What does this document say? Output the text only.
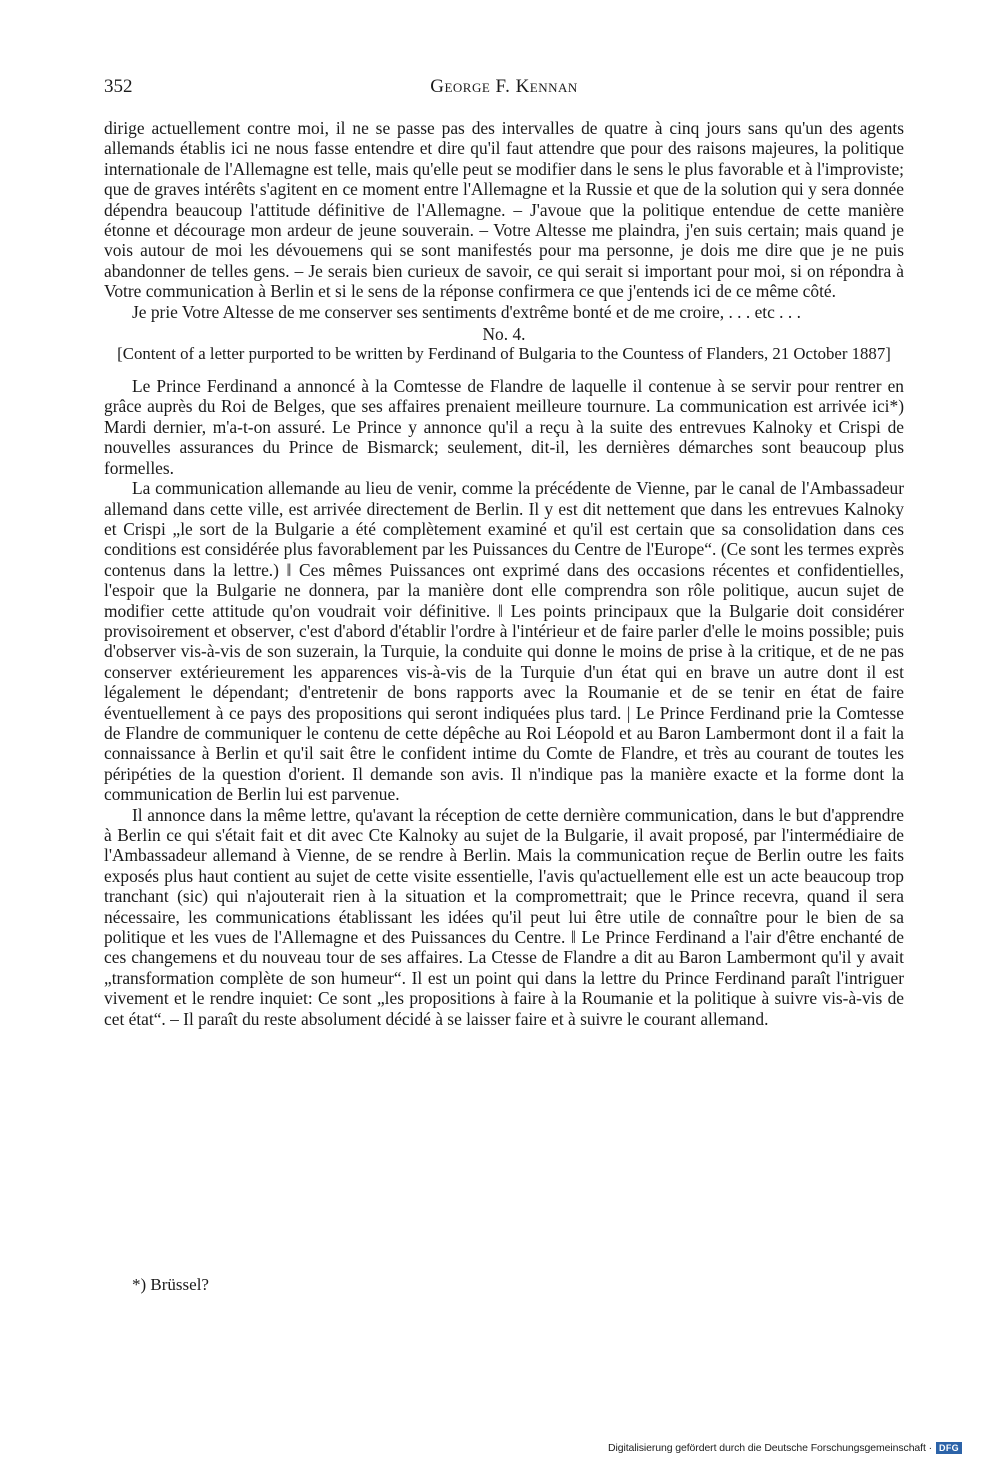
352	George F. Kennan

dirige actuellement contre moi, il ne se passe pas des intervalles de quatre à cinq jours sans qu'un des agents allemands établis ici ne nous fasse entendre et dire qu'il faut attendre que pour des raisons majeures, la politique internationale de l'Allemagne est telle, mais qu'elle peut se modifier dans le sens le plus favorable et à l'improviste; que de graves intérêts s'agitent en ce moment entre l'Allemagne et la Russie et que de la solution qui y sera donnée dépendra beaucoup l'attitude définitive de l'Allemagne. – J'avoue que la politique entendue de cette manière étonne et décourage mon ardeur de jeune souverain. – Votre Altesse me plaindra, j'en suis certain; mais quand je vois autour de moi les dévouemens qui se sont manifestés pour ma personne, je dois me dire que je ne puis abandonner de telles gens. – Je serais bien curieux de savoir, ce qui serait si important pour moi, si on répondra à Votre communication à Berlin et si le sens de la réponse confirmera ce que j'entends ici de ce même côté.

Je prie Votre Altesse de me conserver ses sentiments d'extrême bonté et de me croire, . . . etc . . .

No. 4.

[Content of a letter purported to be written by Ferdinand of Bulgaria to the Countess of Flanders, 21 October 1887]

Le Prince Ferdinand a annoncé à la Comtesse de Flandre de laquelle il contenue à se servir pour rentrer en grâce auprès du Roi de Belges, que ses affaires prenaient meilleure tournure. La communication est arrivée ici*) Mardi dernier, m'a-t-on assuré. Le Prince y annonce qu'il a reçu à la suite des entrevues Kalnoky et Crispi de nouvelles assurances du Prince de Bismarck; seulement, dit-il, les dernières démarches sont beaucoup plus formelles.

La communication allemande au lieu de venir, comme la précédente de Vienne, par le canal de l'Ambassadeur allemand dans cette ville, est arrivée directement de Berlin. Il y est dit nettement que dans les entrevues Kalnoky et Crispi „le sort de la Bulgarie a été complètement examiné et qu'il est certain que sa consolidation dans ces conditions est considérée plus favorablement par les Puissances du Centre de l'Europe“. (Ce sont les termes exprès contenus dans la lettre.) ‖ Ces mêmes Puissances ont exprimé dans des occasions récentes et confidentielles, l'espoir que la Bulgarie ne donnera, par la manière dont elle comprendra son rôle politique, aucun sujet de modifier cette attitude qu'on voudrait voir définitive. ‖ Les points principaux que la Bulgarie doit considérer provisoirement et observer, c'est d'abord d'établir l'ordre à l'intérieur et de faire parler d'elle le moins possible; puis d'observer vis-à-vis de son suzerain, la Turquie, la conduite qui donne le moins de prise à la critique, et de ne pas conserver extérieurement les apparences vis-à-vis de la Turquie d'un état qui en brave un autre dont il est légalement le dépendant; d'entretenir de bons rapports avec la Roumanie et de se tenir en état de faire éventuellement à ce pays des propositions qui seront indiquées plus tard. | Le Prince Ferdinand prie la Comtesse de Flandre de communiquer le contenu de cette dépêche au Roi Léopold et au Baron Lambermont dont il a fait la connaissance à Berlin et qu'il sait être le confident intime du Comte de Flandre, et très au courant de toutes les péripéties de la question d'orient. Il demande son avis. Il n'indique pas la manière exacte et la forme dont la communication de Berlin lui est parvenue.

Il annonce dans la même lettre, qu'avant la réception de cette dernière communication, dans le but d'apprendre à Berlin ce qui s'était fait et dit avec Cte Kalnoky au sujet de la Bulgarie, il avait proposé, par l'intermédiaire de l'Ambassadeur allemand à Vienne, de se rendre à Berlin. Mais la communication reçue de Berlin outre les faits exposés plus haut contient au sujet de cette visite essentielle, l'avis qu'actuellement elle est un acte beaucoup trop tranchant (sic) qui n'ajouterait rien à la situation et la compromettrait; que le Prince recevra, quand il sera nécessaire, les communications établissant les idées qu'il peut lui être utile de connaître pour le bien de sa politique et les vues de l'Allemagne et des Puissances du Centre. ‖ Le Prince Ferdinand a l'air d'être enchanté de ces changemens et du nouveau tour de ses affaires. La Ctesse de Flandre a dit au Baron Lambermont qu'il y avait „transformation complète de son humeur“. Il est un point qui dans la lettre du Prince Ferdinand paraît l'intriguer vivement et le rendre inquiet: Ce sont „les propositions à faire à la Roumanie et la politique à suivre vis-à-vis de cet état“. – Il paraît du reste absolument décidé à se laisser faire et à suivre le courant allemand.

*) Brüssel?
Digitalisierung gefördert durch die Deutsche Forschungsgemeinschaft · DFG
